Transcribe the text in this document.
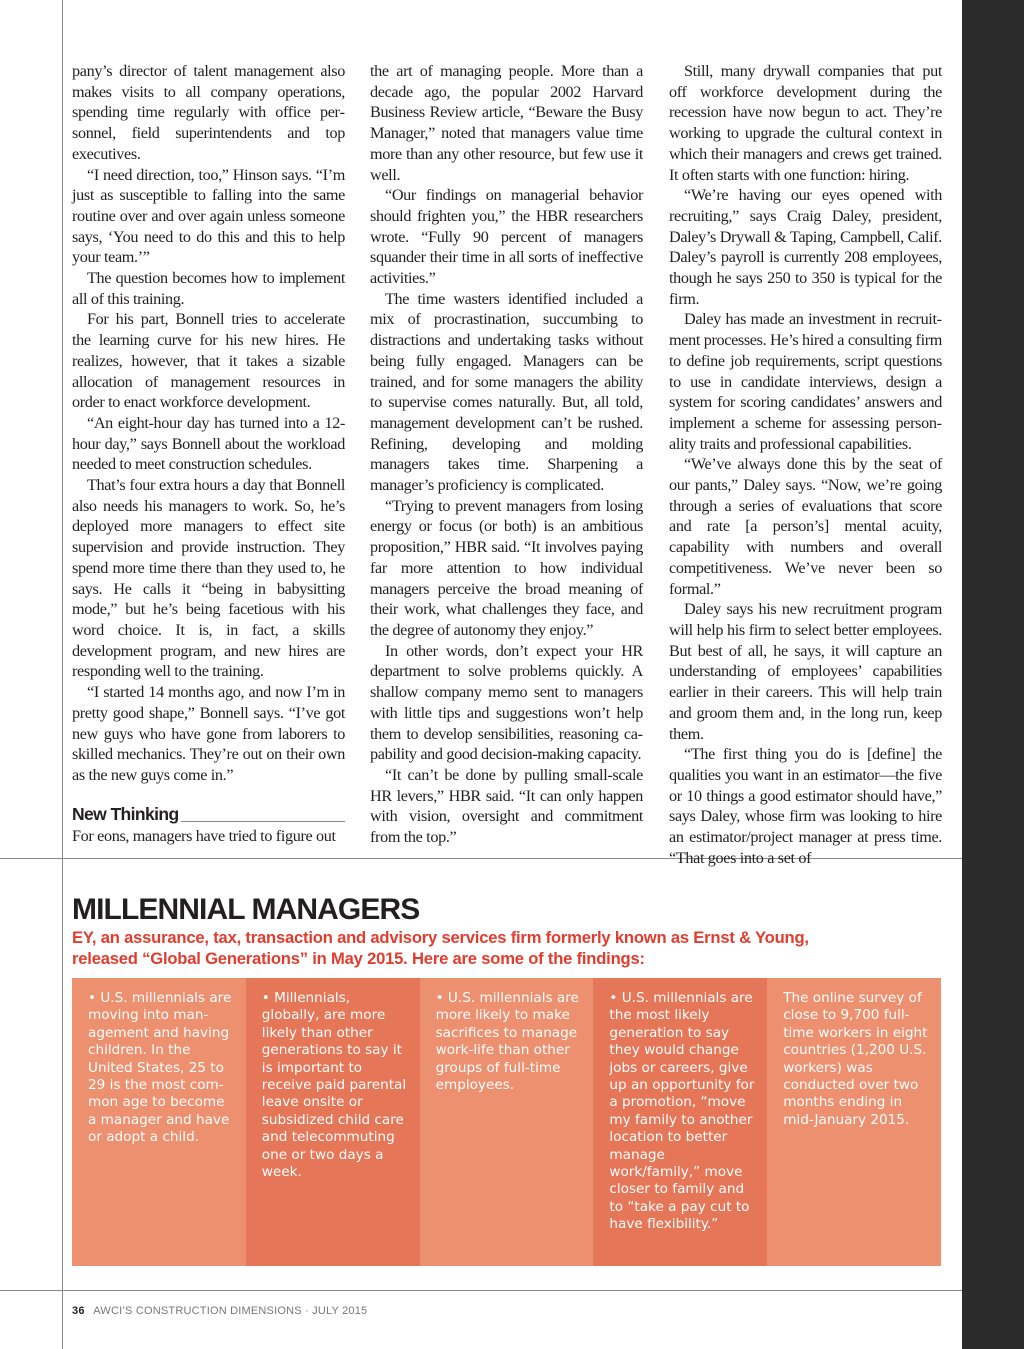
pany’s director of talent management also makes visits to all company operations, spending time regularly with office personnel, field superintendents and top executives.

“I need direction, too,” Hinson says. “I’m just as susceptible to falling into the same routine over and over again unless someone says, ‘You need to do this and this to help your team.’”

The question becomes how to implement all of this training.

For his part, Bonnell tries to accelerate the learning curve for his new hires. He realizes, however, that it takes a sizable allocation of management resources in order to enact workforce development.

“An eight-hour day has turned into a 12-hour day,” says Bonnell about the workload needed to meet construction schedules.

That’s four extra hours a day that Bonnell also needs his managers to work. So, he’s deployed more managers to effect site supervision and provide instruction. They spend more time there than they used to, he says. He calls it “being in babysitting mode,” but he’s being facetious with his word choice. It is, in fact, a skills development program, and new hires are responding well to the training.

“I started 14 months ago, and now I’m in pretty good shape,” Bonnell says. “I’ve got new guys who have gone from laborers to skilled mechanics. They’re out on their own as the new guys come in.”

New Thinking

For eons, managers have tried to figure out

the art of managing people. More than a decade ago, the popular 2002 Harvard Business Review article, “Beware the Busy Manager,” noted that managers value time more than any other resource, but few use it well.

“Our findings on managerial behavior should frighten you,” the HBR researchers wrote. “Fully 90 percent of managers squander their time in all sorts of ineffective activities.”

The time wasters identified included a mix of procrastination, succumbing to distractions and undertaking tasks without being fully engaged. Managers can be trained, and for some managers the ability to supervise comes naturally. But, all told, management development can’t be rushed. Refining, developing and molding managers takes time. Sharpening a manager’s proficiency is complicated.

“Trying to prevent managers from losing energy or focus (or both) is an ambitious proposition,” HBR said. “It involves paying far more attention to how individual managers perceive the broad meaning of their work, what challenges they face, and the degree of autonomy they enjoy.”

In other words, don’t expect your HR department to solve problems quickly. A shallow company memo sent to managers with little tips and suggestions won’t help them to develop sensibilities, reasoning capability and good decision-making capacity.

“It can’t be done by pulling small-scale HR levers,” HBR said. “It can only happen with vision, oversight and commitment from the top.”

Still, many drywall companies that put off workforce development during the recession have now begun to act. They’re working to upgrade the cultural context in which their managers and crews get trained. It often starts with one function: hiring.

“We’re having our eyes opened with recruiting,” says Craig Daley, president, Daley’s Drywall & Taping, Campbell, Calif. Daley’s payroll is currently 208 employees, though he says 250 to 350 is typical for the firm.

Daley has made an investment in recruitment processes. He’s hired a consulting firm to define job requirements, script questions to use in candidate interviews, design a system for scoring candidates’ answers and implement a scheme for assessing personality traits and professional capabilities.

“We’ve always done this by the seat of our pants,” Daley says. “Now, we’re going through a series of evaluations that score and rate [a person’s] mental acuity, capability with numbers and overall competitiveness. We’ve never been so formal.”

Daley says his new recruitment program will help his firm to select better employees. But best of all, he says, it will capture an understanding of employees’ capabilities earlier in their careers. This will help train and groom them and, in the long run, keep them.

“The first thing you do is [define] the qualities you want in an estimator—the five or 10 things a good estimator should have,” says Daley, whose firm was looking to hire an estimator/project manager at press time. “That goes into a set of

MILLENNIAL MANAGERS
EY, an assurance, tax, transaction and advisory services firm formerly known as Ernst & Young, released “Global Generations” in May 2015. Here are some of the findings:
• U.S. millennials are moving into management and having children. In the United States, 25 to 29 is the most common age to become a manager and have or adopt a child.
• Millennials, globally, are more likely than other generations to say it is important to receive paid parental leave onsite or subsidized child care and telecommuting one or two days a week.
• U.S. millennials are more likely to make sacrifices to manage work-life than other groups of full-time employees.
• U.S. millennials are the most likely generation to say they would change jobs or careers, give up an opportunity for a promotion, “move my family to another location to better manage work/family,” move closer to family and to “take a pay cut to have flexibility.”
The online survey of close to 9,700 full-time workers in eight countries (1,200 U.S. workers) was conducted over two months ending in mid-January 2015.
36 AWCI’S CONSTRUCTION DIMENSIONS · JULY 2015
